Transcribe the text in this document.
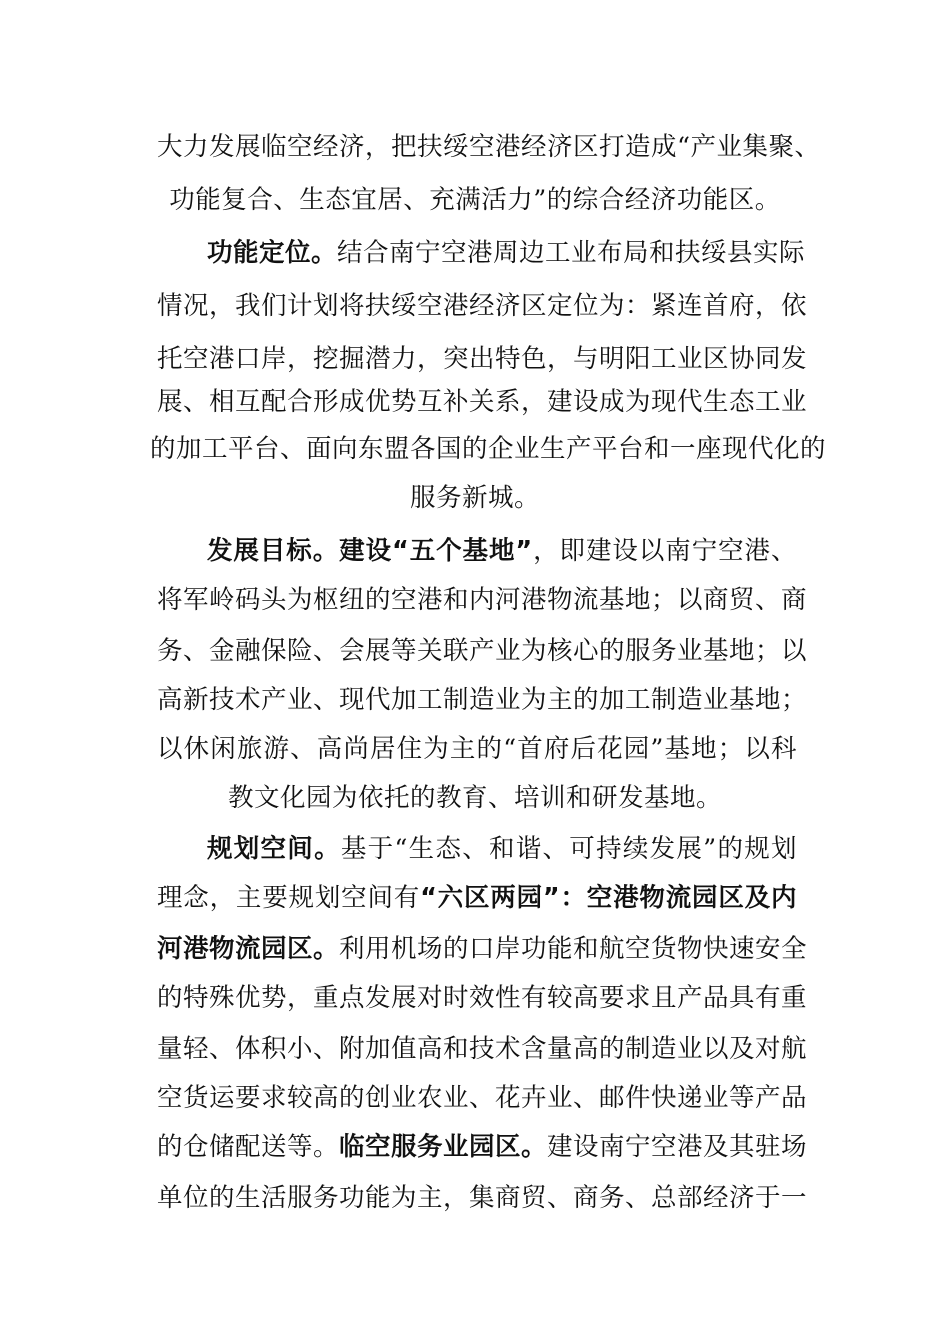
大力发展临空经济，把扶绥空港经济区打造成“产业集聚、
功能复合、生态宜居、充满活力”的综合经济功能区。
功能定位。结合南宁空港周边工业布局和扶绥县实际
情况，我们计划将扶绥空港经济区定位为：紧连首府，依
托空港口岸，挖掘潜力，突出特色，与明阳工业区协同发
展、相互配合形成优势互补关系，建设成为现代生态工业
的加工平台、面向东盟各国的企业生产平台和一座现代化的
服务新城。
发展目标。建设“五个基地”，即建设以南宁空港、
将军岭码头为枢纽的空港和内河港物流基地；以商贸、商
务、金融保险、会展等关联产业为核心的服务业基地；以
高新技术产业、现代加工制造业为主的加工制造业基地；
以休闲旅游、高尚居住为主的“首府后花园”基地；以科
教文化园为依托的教育、培训和研发基地。
规划空间。基于“生态、和谐、可持续发展”的规划
理念，主要规划空间有“六区两园”：空港物流园区及内
河港物流园区。利用机场的口岸功能和航空货物快速安全
的特殊优势，重点发展对时效性有较高要求且产品具有重
量轻、体积小、附加值高和技术含量高的制造业以及对航
空货运要求较高的创业农业、花卉业、邮件快递业等产品
的仓储配送等。临空服务业园区。建设南宁空港及其驻场
单位的生活服务功能为主，集商贸、商务、总部经济于一
